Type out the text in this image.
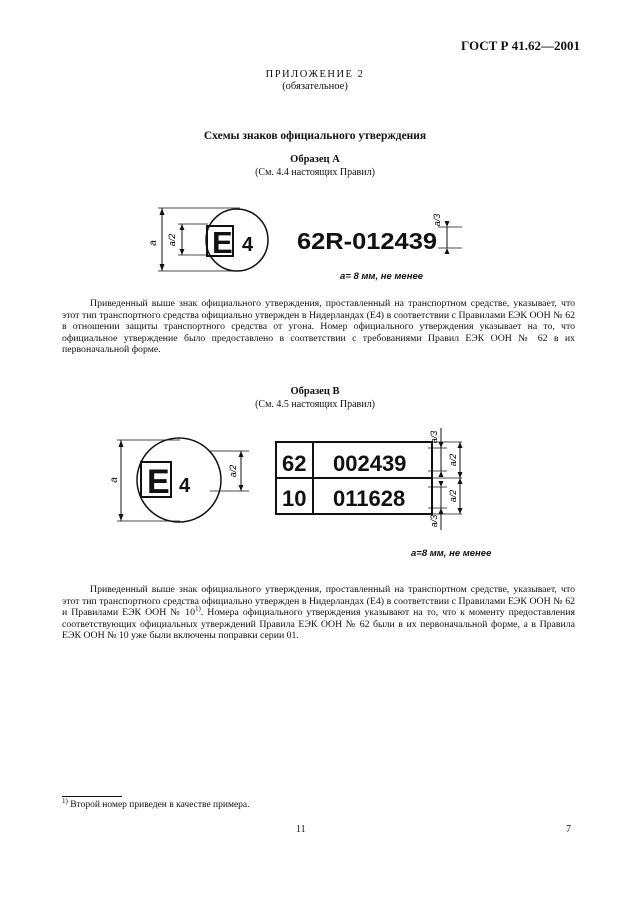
ГОСТ Р 41.62—2001
ПРИЛОЖЕНИЕ 2
(обязательное)
Схемы знаков официального утверждения
Образец А
(См. 4.4 настоящих Правил)
a a/2
a/3
E 4 62R-012439
a= 8 мм, не менее

Приведенный выше знак официального утверждения, проставленный на транспортном средстве, указывает, что этот тип транспортного средства официально утвержден в Нидерландах (Е4) в соответствии с Правилами ЕЭК ООН № 62 в отношении защиты транспортного средства от угона. Номер официального утверждения указывает на то, что официальное утверждение было предоставлено в соответствии с требованиями Правил ЕЭК ООН № 62 в их первоначальной форме.

Образец В
(См. 4.5 настоящих Правил)
a
a/2
a/3
a/3
a/2
a/2
E 4
62 002439
10 011628
a=8 мм, не менее

Приведенный выше знак официального утверждения, проставленный на транспортном средстве, указывает, что этот тип транспортного средства официально утвержден в Нидерландах (Е4) в соответствии с Правилами ЕЭК ООН № 62 и Правилами ЕЭК ООН № 10$^{1)}$. Номера официального утверждения указывают на то, что к моменту предоставления соответствующих официальных утверждений Правила ЕЭК ООН № 62 были в их первоначальной форме, а в Правила ЕЭК ООН № 10 уже были включены поправки серии 01.

$^{1)}$ Второй номер приведен в качестве примера.
11	7
